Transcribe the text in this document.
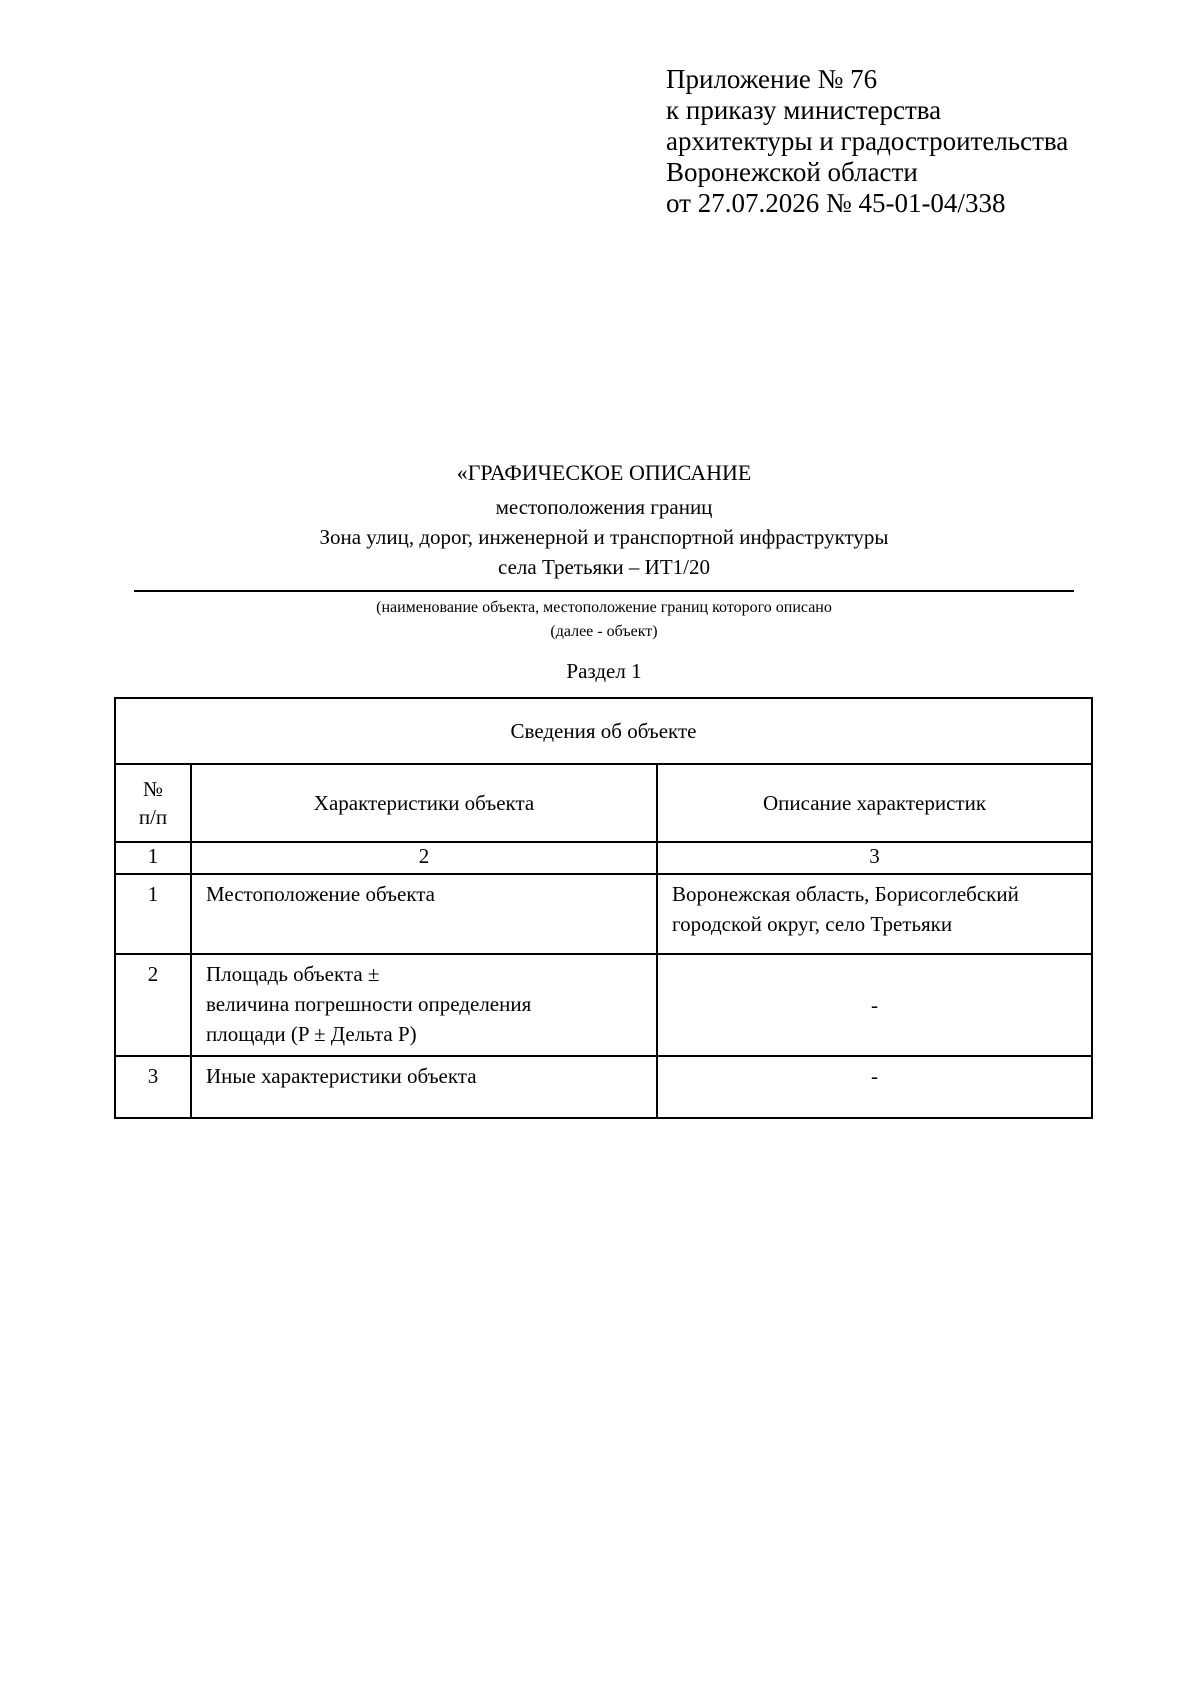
Приложение № 76
к приказу министерства
архитектуры и градостроительства
Воронежской области
от 27.07.2026 № 45-01-04/338
«ГРАФИЧЕСКОЕ ОПИСАНИЕ
местоположения границ
Зона улиц, дорог, инженерной и транспортной инфраструктуры
села Третьяки – ИТ1/20
(наименование объекта, местоположение границ которого описано
(далее - объект)
Раздел 1
Сведения об объекте		

№
п/п	Характеристики объекта	Описание характеристик
1	2	3
1	Местоположение объекта	Воронежская область, Борисоглебский
городской округ, село Третьяки

2	Площадь объекта ±
величина погрешности определения
площади (P ± Дельта P)	-
3	Иные характеристики объекта	-
